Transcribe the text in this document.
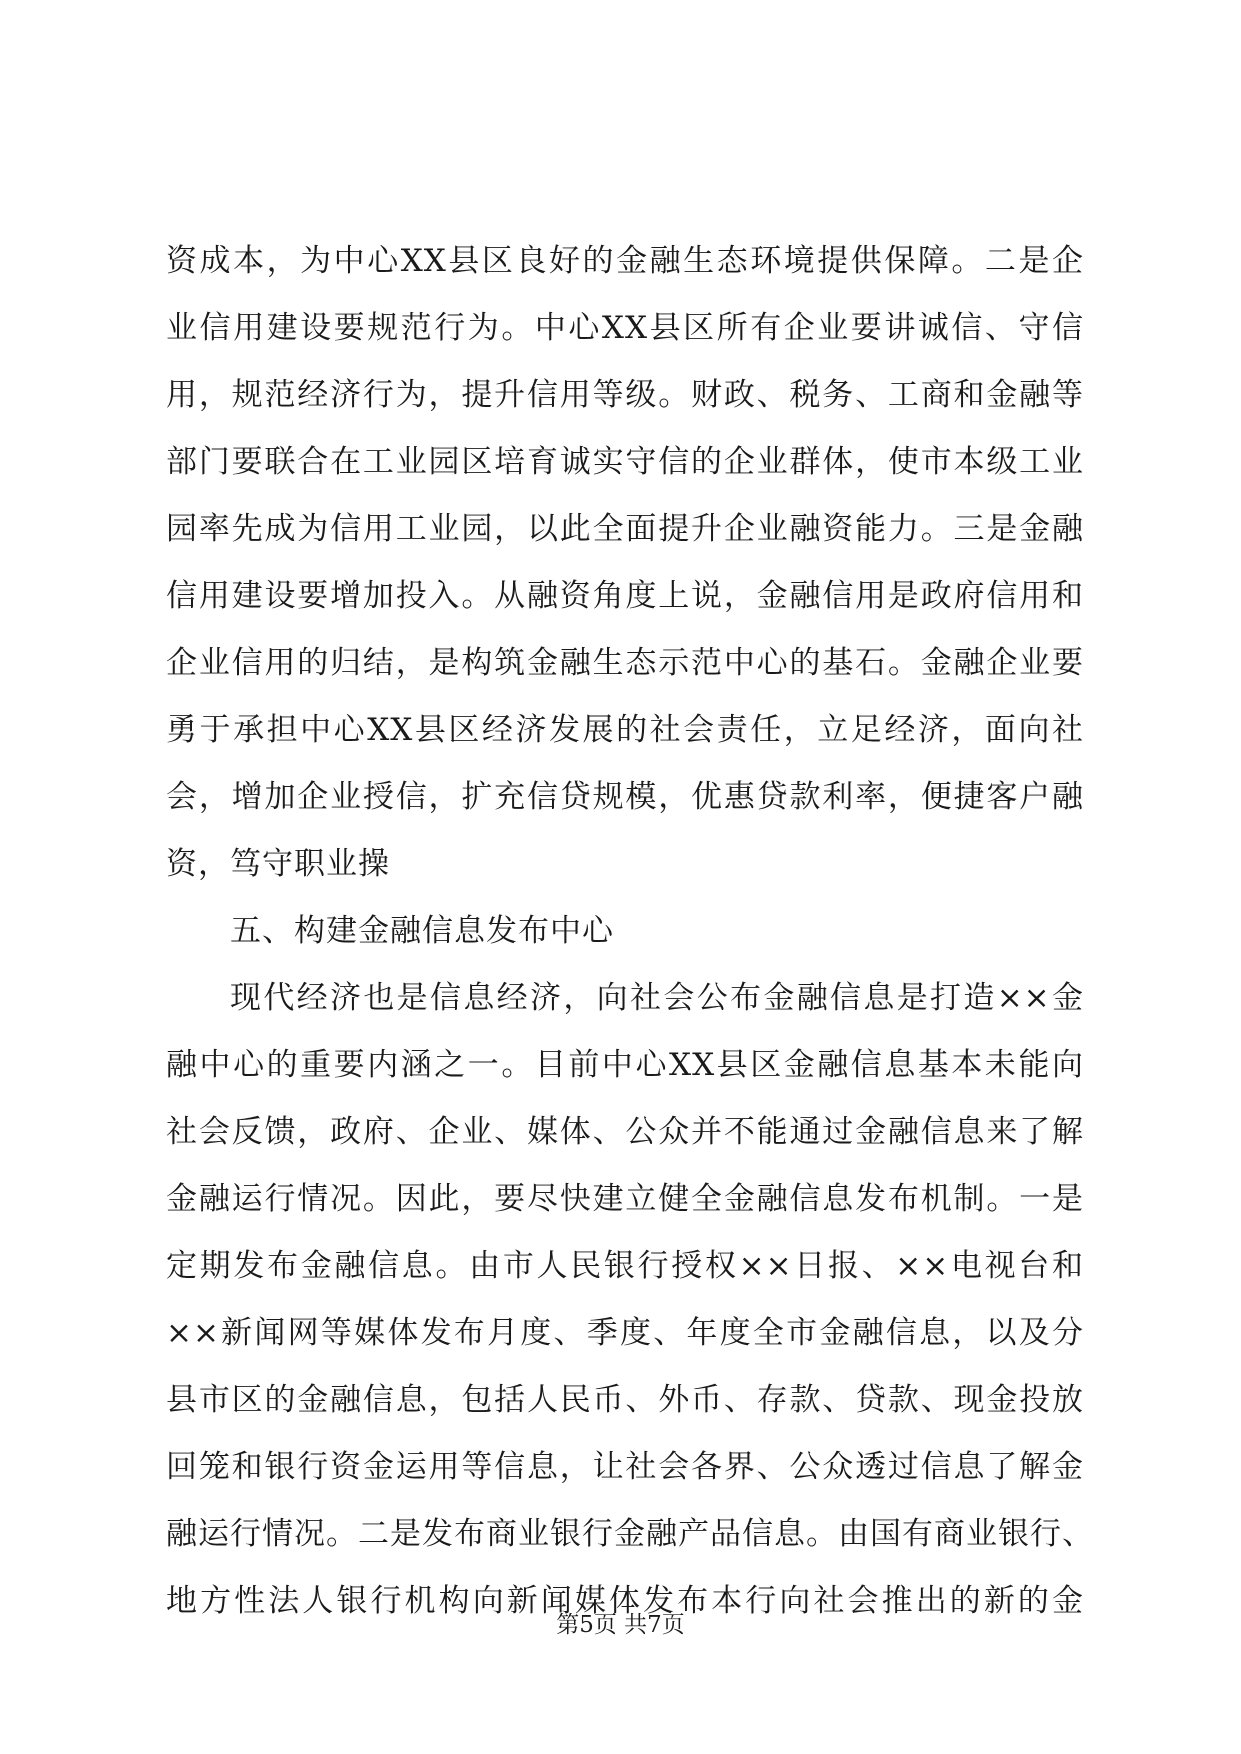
资成本，为中心XX县区良好的金融生态环境提供保障。二是企
业信用建设要规范行为。中心XX县区所有企业要讲诚信、守信
用，规范经济行为，提升信用等级。财政、税务、工商和金融等
部门要联合在工业园区培育诚实守信的企业群体，使市本级工业
园率先成为信用工业园，以此全面提升企业融资能力。三是金融
信用建设要增加投入。从融资角度上说，金融信用是政府信用和
企业信用的归结，是构筑金融生态示范中心的基石。金融企业要
勇于承担中心XX县区经济发展的社会责任，立足经济，面向社
会，增加企业授信，扩充信贷规模，优惠贷款利率，便捷客户融
资，笃守职业操
五、构建金融信息发布中心
现代经济也是信息经济，向社会公布金融信息是打造××金
融中心的重要内涵之一。目前中心XX县区金融信息基本未能向
社会反馈，政府、企业、媒体、公众并不能通过金融信息来了解
金融运行情况。因此，要尽快建立健全金融信息发布机制。一是
定期发布金融信息。由市人民银行授权××日报、××电视台和
××新闻网等媒体发布月度、季度、年度全市金融信息，以及分
县市区的金融信息，包括人民币、外币、存款、贷款、现金投放
回笼和银行资金运用等信息，让社会各界、公众透过信息了解金
融运行情况。二是发布商业银行金融产品信息。由国有商业银行、
地方性法人银行机构向新闻媒体发布本行向社会推出的新的金
第5页 共7页
